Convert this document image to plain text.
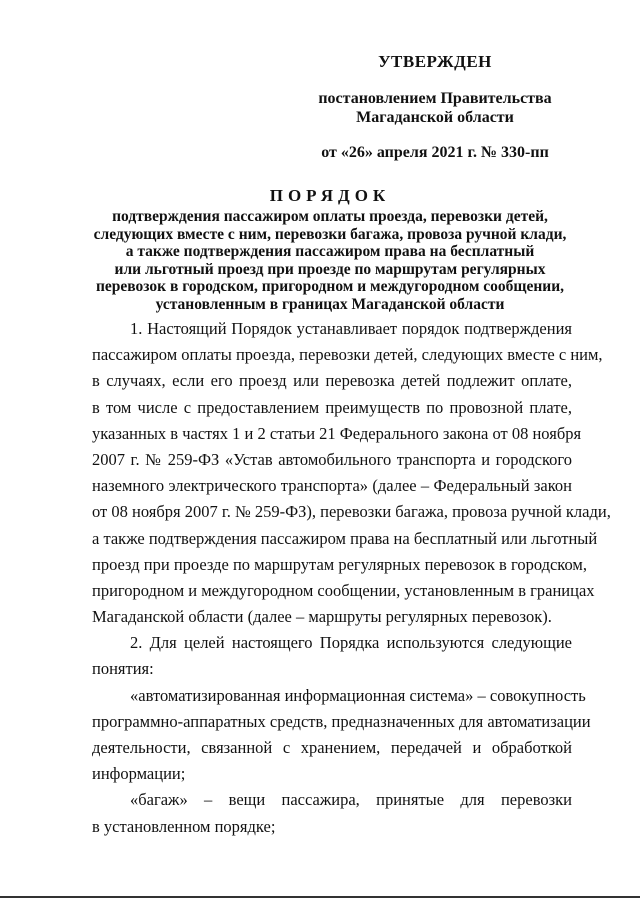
УТВЕРЖДЕН
постановлением Правительства
Магаданской области
от «26» апреля 2021 г. № 330-пп
ПОРЯДОК
подтверждения пассажиром оплаты проезда, перевозки детей,
следующих вместе с ним, перевозки багажа, провоза ручной клади,
а также подтверждения пассажиром права на бесплатный
или льготный проезд при проезде по маршрутам регулярных
перевозок в городском, пригородном и междугородном сообщении,
установленным в границах Магаданской области
1. Настоящий Порядок устанавливает порядок подтверждения
пассажиром оплаты проезда, перевозки детей, следующих вместе с ним,
в случаях, если его проезд или перевозка детей подлежит оплате,
в том числе с предоставлением преимуществ по провозной плате,
указанных в частях 1 и 2 статьи 21 Федерального закона от 08 ноября
2007 г. № 259-ФЗ «Устав автомобильного транспорта и городского
наземного электрического транспорта» (далее – Федеральный закон
от 08 ноября 2007 г. № 259-ФЗ), перевозки багажа, провоза ручной клади,
а также подтверждения пассажиром права на бесплатный или льготный
проезд при проезде по маршрутам регулярных перевозок в городском,
пригородном и междугородном сообщении, установленным в границах
Магаданской области (далее – маршруты регулярных перевозок).
2. Для целей настоящего Порядка используются следующие
понятия:
«автоматизированная информационная система» – совокупность
программно-аппаратных средств, предназначенных для автоматизации
деятельности, связанной с хранением, передачей и обработкой
информации;
«багаж» – вещи пассажира, принятые для перевозки
в установленном порядке;
